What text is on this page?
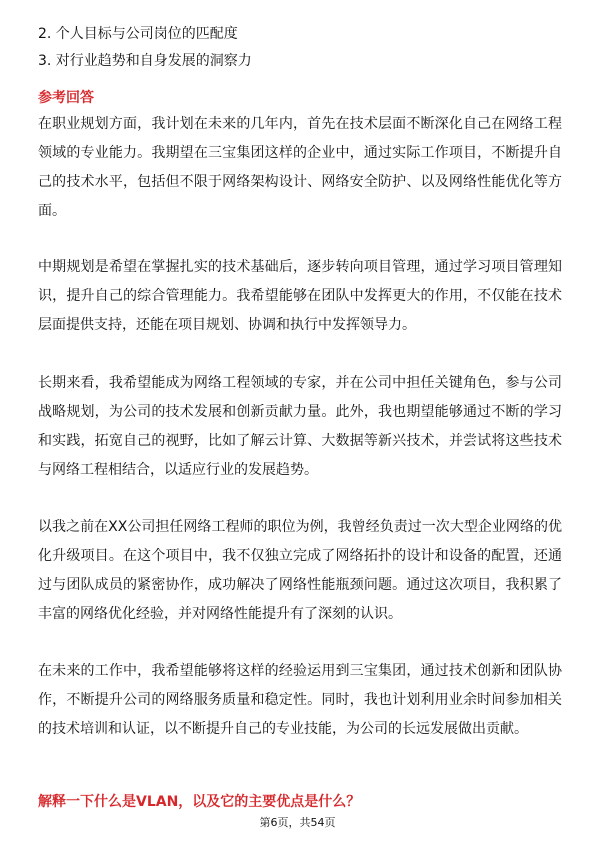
2. 个人目标与公司岗位的匹配度
3. 对行业趋势和自身发展的洞察力
参考回答

在职业规划方面，我计划在未来的几年内，首先在技术层面不断深化自己在网络工程领域的专业能力。我期望在三宝集团这样的企业中，通过实际工作项目，不断提升自己的技术水平，包括但不限于网络架构设计、网络安全防护、以及网络性能优化等方面。

中期规划是希望在掌握扎实的技术基础后，逐步转向项目管理，通过学习项目管理知识，提升自己的综合管理能力。我希望能够在团队中发挥更大的作用，不仅能在技术层面提供支持，还能在项目规划、协调和执行中发挥领导力。

长期来看，我希望能成为网络工程领域的专家，并在公司中担任关键角色，参与公司战略规划，为公司的技术发展和创新贡献力量。此外，我也期望能够通过不断的学习和实践，拓宽自己的视野，比如了解云计算、大数据等新兴技术，并尝试将这些技术与网络工程相结合，以适应行业的发展趋势。

以我之前在XX公司担任网络工程师的职位为例，我曾经负责过一次大型企业网络的优化升级项目。在这个项目中，我不仅独立完成了网络拓扑的设计和设备的配置，还通过与团队成员的紧密协作，成功解决了网络性能瓶颈问题。通过这次项目，我积累了丰富的网络优化经验，并对网络性能提升有了深刻的认识。

在未来的工作中，我希望能够将这样的经验运用到三宝集团，通过技术创新和团队协作，不断提升公司的网络服务质量和稳定性。同时，我也计划利用业余时间参加相关的技术培训和认证，以不断提升自己的专业技能，为公司的长远发展做出贡献。

解释一下什么是VLAN，以及它的主要优点是什么？
第6页，共54页
